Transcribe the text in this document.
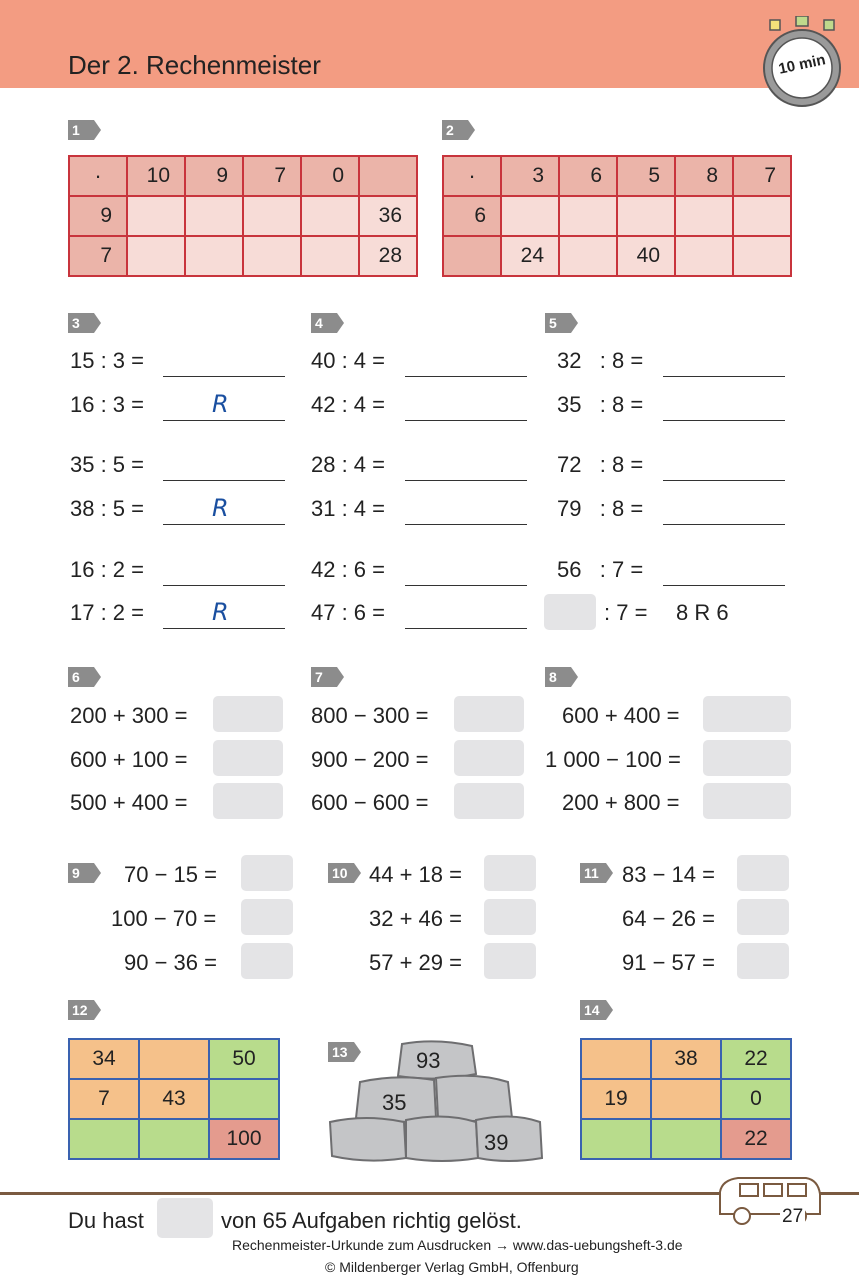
Der 2. Rechenmeister	10 min
1
·	10	9	7	0	
9					36
7					28
2
·	3	6	5	8	7
6					
	24		40		
3
15 : 3 =
16 : 3 =	R
35 : 5 =
38 : 5 =	R
16 : 2 =
17 : 2 =	R
4
40 : 4 =
42 : 4 =
28 : 4 =
31 : 4 =
42 : 6 =
47 : 6 =
5
32   : 8 =
35   : 8 =
72   : 8 =
79   : 8 =
56   : 7 =
: 7 = 8 R 6
6
200 + 300 =
600 + 100 =
500 + 400 =
7
800 − 300 =
900 − 200 =
600 − 600 =
8
600 + 400 =
1 000 − 100 =
200 + 800 =
9	70 − 15 =
100 − 70 =
90 − 36 =
10 44 + 18 =
32 + 46 =
57 + 29 =
11	83 − 14 =
64 − 26 =
91 − 57 =
12
34		50
7	43	
		100
13	93
35
39
14
	38	22
19		0
		22
27
Du hast	von 65 Aufgaben richtig gelöst.
Rechenmeister-Urkunde zum Ausdrucken → www.das-uebungsheft-3.de
© Mildenberger Verlag GmbH, Offenburg
